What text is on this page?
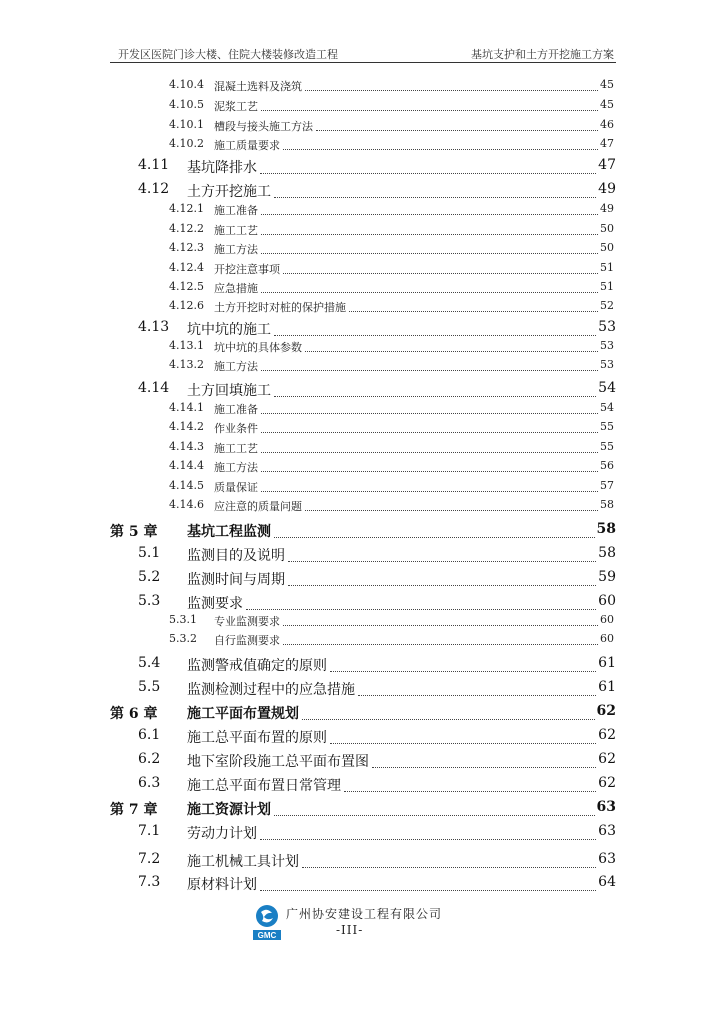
开发区医院门诊大楼、住院大楼装修改造工程	基坑支护和土方开挖施工方案
4.10.4 混凝土选料及浇筑	45
4.10.5 泥浆工艺	45
4.10.1 槽段与接头施工方法	46
4.10.2 施工质量要求	47
4.11 基坑降排水	47
4.12 土方开挖施工	49
4.12.1 施工准备	49
4.12.2 施工工艺	50
4.12.3 施工方法	50
4.12.4 开挖注意事项	51
4.12.5 应急措施	51
4.12.6 土方开挖时对桩的保护措施	52
4.13 坑中坑的施工	53
4.13.1 坑中坑的具体参数	53
4.13.2 施工方法	53
4.14 土方回填施工	54
4.14.1 施工准备	54
4.14.2 作业条件	55
4.14.3 施工工艺	55
4.14.4 施工方法	56
4.14.5 质量保证	57
4.14.6 应注意的质量问题	58
第 5 章 基坑工程监测	58
5.1 监测目的及说明	58
5.2 监测时间与周期	59
5.3 监测要求	60
5.3.1 专业监测要求	60
5.3.2 自行监测要求	60
5.4 监测警戒值确定的原则	61
5.5 监测检测过程中的应急措施	61
第 6 章 施工平面布置规划	62
6.1 施工总平面布置的原则	62
6.2 地下室阶段施工总平面布置图	62
6.3 施工总平面布置日常管理	62
第 7 章 施工资源计划	63
7.1 劳动力计划	63
7.2 施工机械工具计划	63
7.3 原材料计划	64
GMC
广州协安建设工程有限公司
-III-
